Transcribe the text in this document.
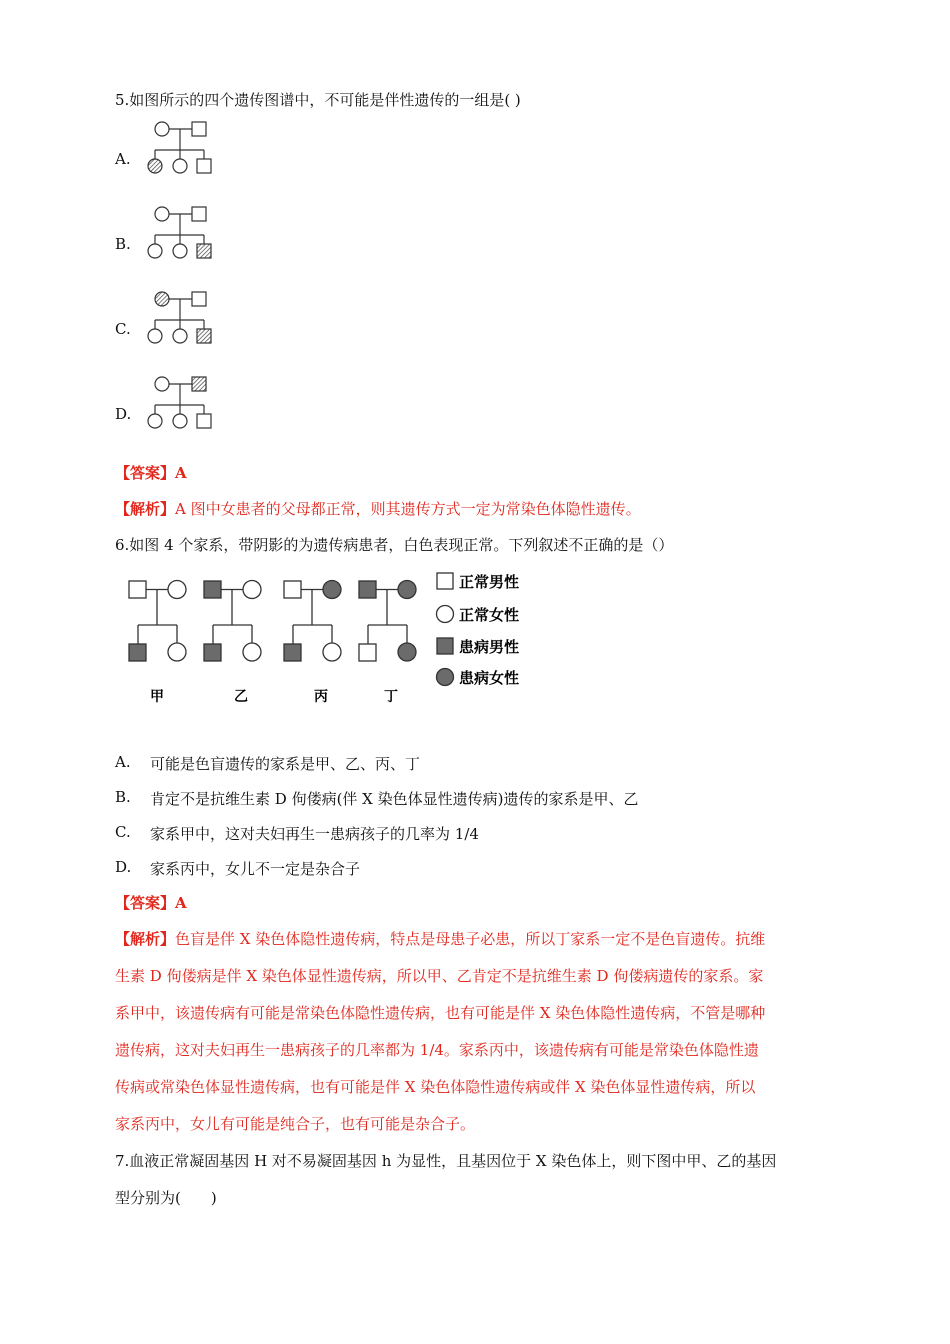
5.如图所示的四个遗传图谱中，不可能是伴性遗传的一组是( )
A.
B.
C.
D.
【答案】A
【解析】A 图中女患者的父母都正常，则其遗传方式一定为常染色体隐性遗传。
6.如图 4 个家系，带阴影的为遗传病患者，白色表现正常。下列叙述不正确的是（）
甲	乙	丙	丁
正常男性
正常女性
患病男性
患病女性
A. 可能是色盲遗传的家系是甲、乙、丙、丁
B. 肯定不是抗维生素 D 佝偻病(伴 X 染色体显性遗传病)遗传的家系是甲、乙
C. 家系甲中，这对夫妇再生一患病孩子的几率为 1/4
D. 家系丙中，女儿不一定是杂合子
【答案】A
【解析】色盲是伴 X 染色体隐性遗传病，特点是母患子必患，所以丁家系一定不是色盲遗传。抗维
生素 D 佝偻病是伴 X 染色体显性遗传病，所以甲、乙肯定不是抗维生素 D 佝偻病遗传的家系。家
系甲中，该遗传病有可能是常染色体隐性遗传病，也有可能是伴 X 染色体隐性遗传病，不管是哪种
遗传病，这对夫妇再生一患病孩子的几率都为 1/4。家系丙中，该遗传病有可能是常染色体隐性遗
传病或常染色体显性遗传病，也有可能是伴 X 染色体隐性遗传病或伴 X 染色体显性遗传病，所以
家系丙中，女儿有可能是纯合子，也有可能是杂合子。
7.血液正常凝固基因 H 对不易凝固基因 h 为显性，且基因位于 X 染色体上，则下图中甲、乙的基因
型分别为(　　)
